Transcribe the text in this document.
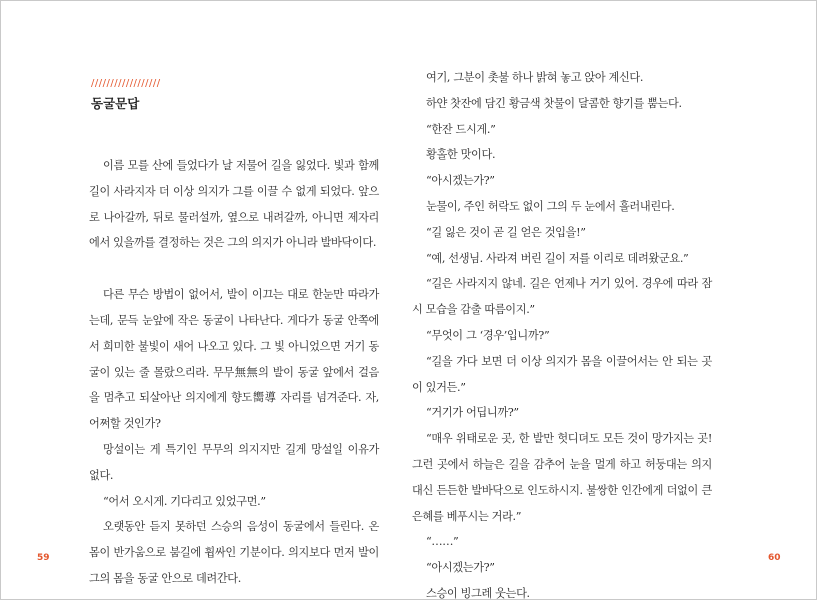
//////////////////
동굴문답

이름 모를 산에 들었다가 날 저물어 길을 잃었다. 빛과 함께 길이 사라지자 더 이상 의지가 그를 이끌 수 없게 되었다. 앞으로 나아갈까, 뒤로 물러설까, 옆으로 내려갈까, 아니면 제자리에서 있을까를 결정하는 것은 그의 의지가 아니라 발바닥이다.

다른 무슨 방법이 없어서, 발이 이끄는 대로 한눈만 따라가는데, 문득 눈앞에 작은 동굴이 나타난다. 게다가 동굴 안쪽에서 희미한 불빛이 새어 나오고 있다. 그 빛 아니었으면 거기 동굴이 있는 줄 몰랐으리라. 무무無無의 발이 동굴 앞에서 걸음을 멈추고 되살아난 의지에게 향도嚮導 자리를 넘겨준다. 자, 어쩌할 것인가?

망설이는 게 특기인 무무의 의지지만 길게 망설일 이유가 없다.

“어서 오시게. 기다리고 있었구먼.”

오랫동안 듣지 못하던 스승의 음성이 동굴에서 들린다. 온몸이 반가움으로 붐길에 휩싸인 기분이다. 의지보다 먼저 발이 그의 몸을 동굴 안으로 데려간다.

59

여기, 그분이 촛불 하나 밝혀 놓고 앉아 계신다.

하얀 찻잔에 담긴 황금색 찻물이 달콤한 향기를 뿜는다.

“한잔 드시게.”

황홀한 맛이다.

“아시겠는가?”

눈물이, 주인 허락도 없이 그의 두 눈에서 흘러내린다.

“길 잃은 것이 곧 길 얻은 것입을!”

“예, 선생님. 사라져 버린 길이 저를 이리로 데려왔군요.”

“길은 사라지지 않네. 길은 언제나 거기 있어. 경우에 따라 잠시 모습을 감출 따름이지.”

“무엇이 그 ‘경우’입니까?”

“길을 가다 보면 더 이상 의지가 몸을 이끌어서는 안 되는 곳이 있거든.”

“거기가 어딥니까?”

“매우 위태로운 곳, 한 발만 헛디뎌도 모든 것이 망가지는 곳! 그런 곳에서 하늘은 길을 감추어 눈을 멀게 하고 허둥대는 의지 대신 든든한 발바닥으로 인도하시지. 불쌍한 인간에게 더없이 큰 은혜를 베푸시는 거라.”

“……”

“아시겠는가?”

스승이 빙그레 웃는다.

60
